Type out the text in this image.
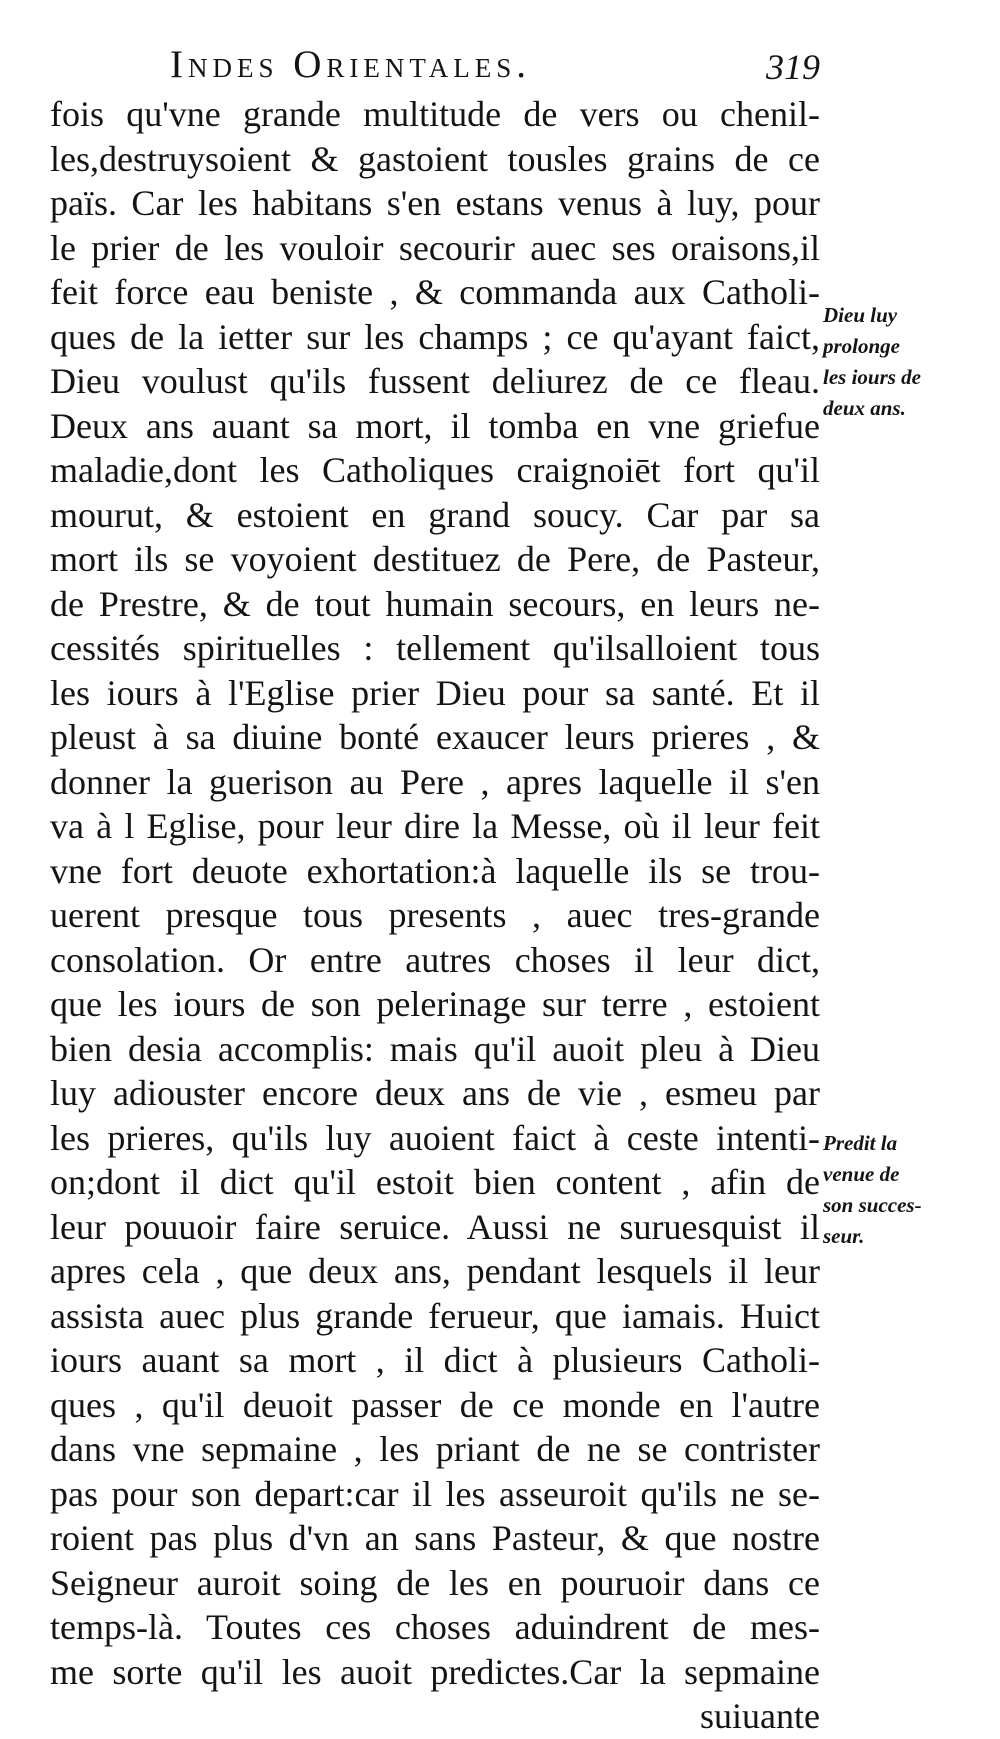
Indes Orientales.	319
fois qu'vne grande multitude de vers ou chenil-
les,destruysoient & gastoient tousles grains de ce
païs. Car les habitans s'en estans venus à luy, pour
le prier de les vouloir secourir auec ses oraisons,il
feit force eau beniste , & commanda aux Catholi-
ques de la ietter sur les champs ; ce qu'ayant faict,
Dieu voulust qu'ils fussent deliurez de ce fleau.
Deux ans auant sa mort, il tomba en vne griefue
maladie,dont les Catholiques craignoiēt fort qu'il
mourut, & estoient en grand soucy. Car par sa
mort ils se voyoient destituez de Pere, de Pasteur,
de Prestre, & de tout humain secours, en leurs ne-
cessités spirituelles : tellement qu'ilsalloient tous
les iours à l'Eglise prier Dieu pour sa santé. Et il
pleust à sa diuine bonté exaucer leurs prieres , &
donner la guerison au Pere , apres laquelle il s'en
va à l Eglise, pour leur dire la Messe, où il leur feit
vne fort deuote exhortation:à laquelle ils se trou-
uerent presque tous presents , auec tres-grande
consolation. Or entre autres choses il leur dict,
que les iours de son pelerinage sur terre , estoient
bien desia accomplis: mais qu'il auoit pleu à Dieu
luy adiouster encore deux ans de vie , esmeu par
les prieres, qu'ils luy auoient faict à ceste intenti-
on;dont il dict qu'il estoit bien content , afin de
leur pouuoir faire seruice. Aussi ne suruesquist il
apres cela , que deux ans, pendant lesquels il leur
assista auec plus grande ferueur, que iamais. Huict
iours auant sa mort , il dict à plusieurs Catholi-
ques , qu'il deuoit passer de ce monde en l'autre
dans vne sepmaine , les priant de ne se contrister
pas pour son depart:car il les asseuroit qu'ils ne se-
roient pas plus d'vn an sans Pasteur, & que nostre
Seigneur auroit soing de les en pouruoir dans ce
temps-là. Toutes ces choses aduindrent de mes-
me sorte qu'il les auoit predictes.Car la sepmaine
suiuante
Dieu luy
prolonge
les iours de
deux ans.
Predit la
venue de
son succes-
seur.
